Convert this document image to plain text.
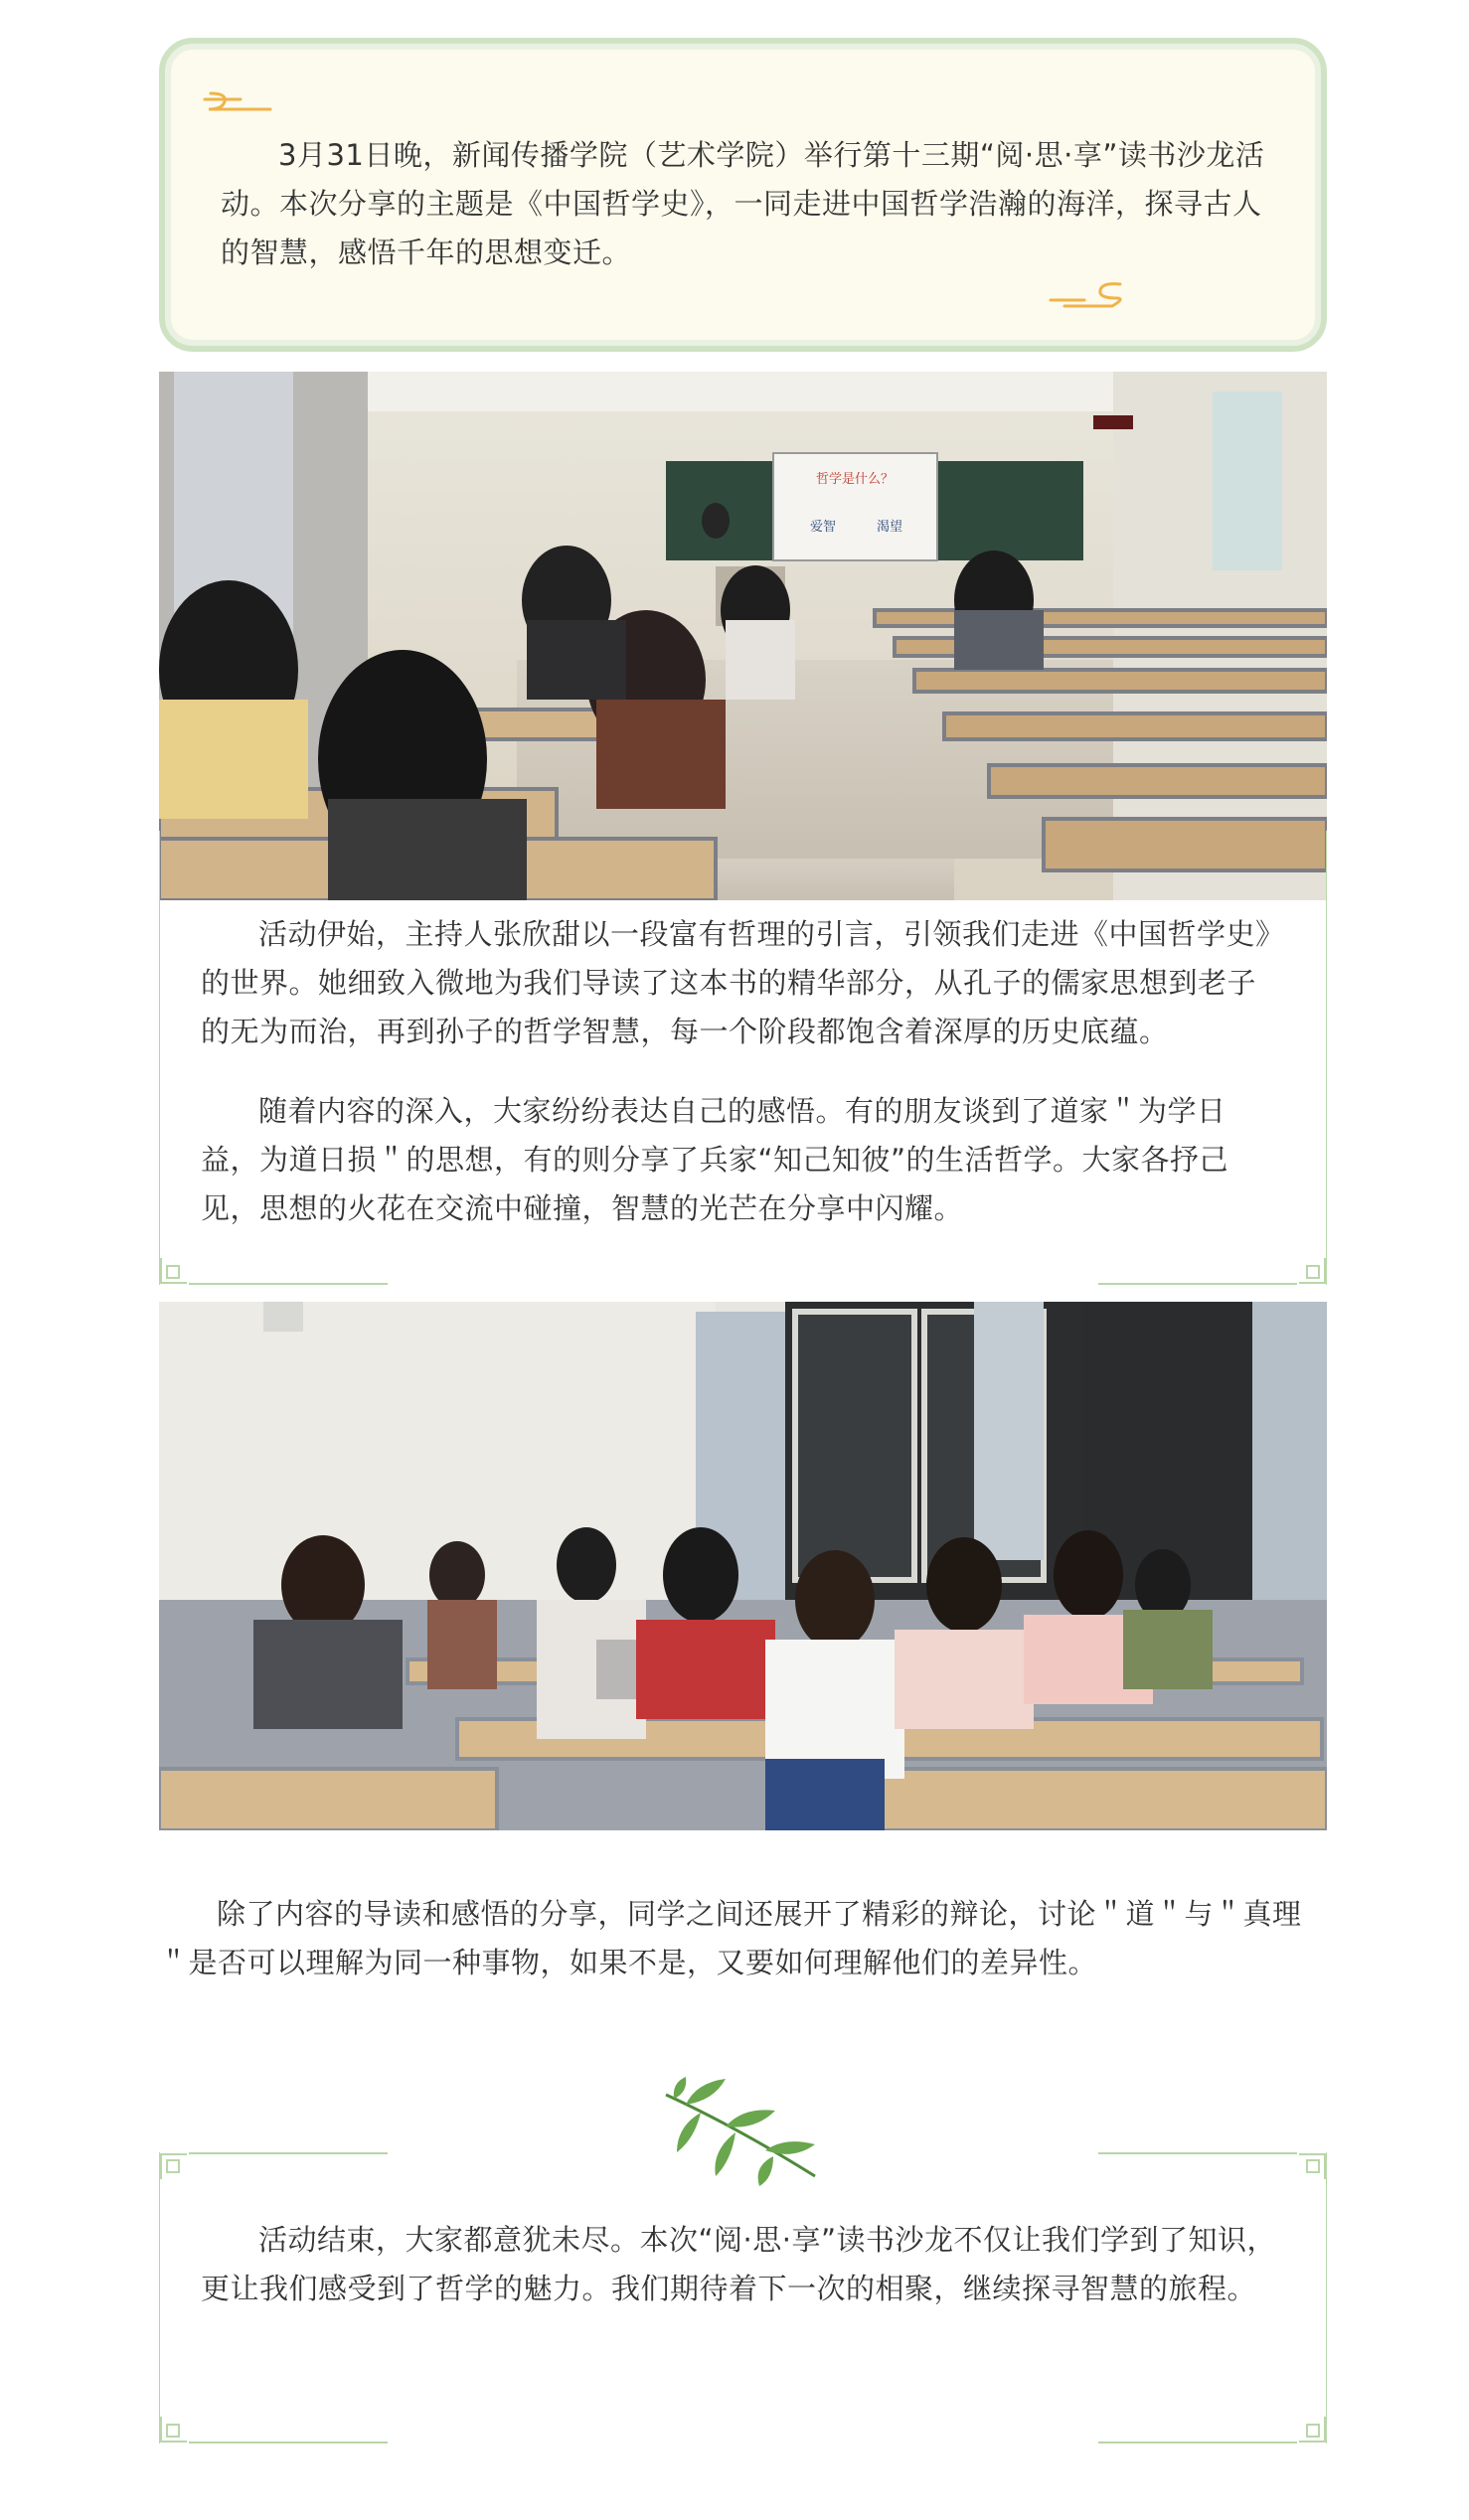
3月31日晚，新闻传播学院（艺术学院）举行第十三期“阅·思·享”读书沙龙活动。本次分享的主题是《中国哲学史》，一同走进中国哲学浩瀚的海洋，探寻古人的智慧，感悟千年的思想变迁。

哲学是什么？
爱智	渴望

活动伊始，主持人张欣甜以一段富有哲理的引言，引领我们走进《中国哲学史》的世界。她细致入微地为我们导读了这本书的精华部分，从孔子的儒家思想到老子的无为而治，再到孙子的哲学智慧，每一个阶段都饱含着深厚的历史底蕴。

随着内容的深入，大家纷纷表达自己的感悟。有的朋友谈到了道家＂为学日益，为道日损＂的思想，有的则分享了兵家“知己知彼”的生活哲学。大家各抒己见，思想的火花在交流中碰撞，智慧的光芒在分享中闪耀。

除了内容的导读和感悟的分享，同学之间还展开了精彩的辩论，讨论＂道＂与＂真理＂是否可以理解为同一种事物，如果不是，又要如何理解他们的差异性。

活动结束，大家都意犹未尽。本次“阅·思·享”读书沙龙不仅让我们学到了知识，更让我们感受到了哲学的魅力。我们期待着下一次的相聚，继续探寻智慧的旅程。
